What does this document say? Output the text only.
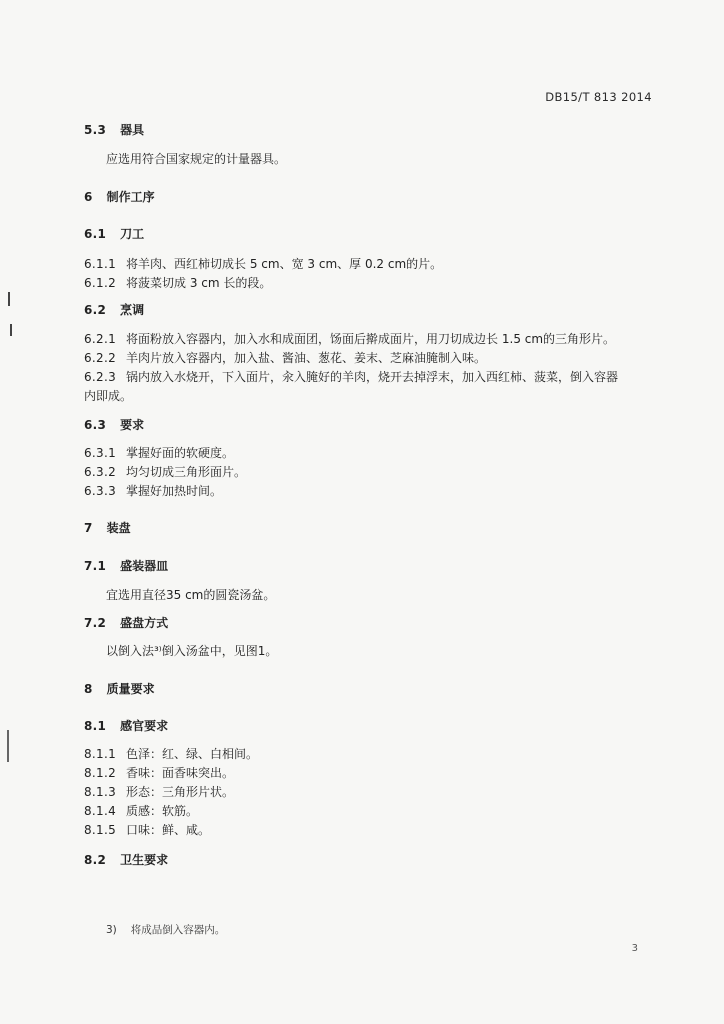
DB15/T 813 2014
5.3 器具
应选用符合国家规定的计量器具。
6 制作工序
6.1 刀工
6.1.1 将羊肉、西红柿切成长 5 cm、宽 3 cm、厚 0.2 cm的片。
6.1.2 将菠菜切成 3 cm 长的段。
6.2 烹调
6.2.1 将面粉放入容器内，加入水和成面团，饧面后擀成面片，用刀切成边长 1.5 cm的三角形片。
6.2.2 羊肉片放入容器内，加入盐、酱油、葱花、姜末、芝麻油腌制入味。
6.2.3 锅内放入水烧开，下入面片，汆入腌好的羊肉，烧开去掉浮末，加入西红柿、菠菜，倒入容器
内即成。
6.3 要求
6.3.1 掌握好面的软硬度。
6.3.2 均匀切成三角形面片。
6.3.3 掌握好加热时间。
7 装盘
7.1 盛装器皿
宜选用直径35 cm的圆瓷汤盆。
7.2 盛盘方式
以倒入法³⁾倒入汤盆中，见图1。
8 质量要求
8.1 感官要求
8.1.1 色泽：红、绿、白相间。
8.1.2 香味：面香味突出。
8.1.3 形态：三角形片状。
8.1.4 质感：软筋。
8.1.5 口味：鲜、咸。
8.2 卫生要求
3) 将成品倒入容器内。
3
